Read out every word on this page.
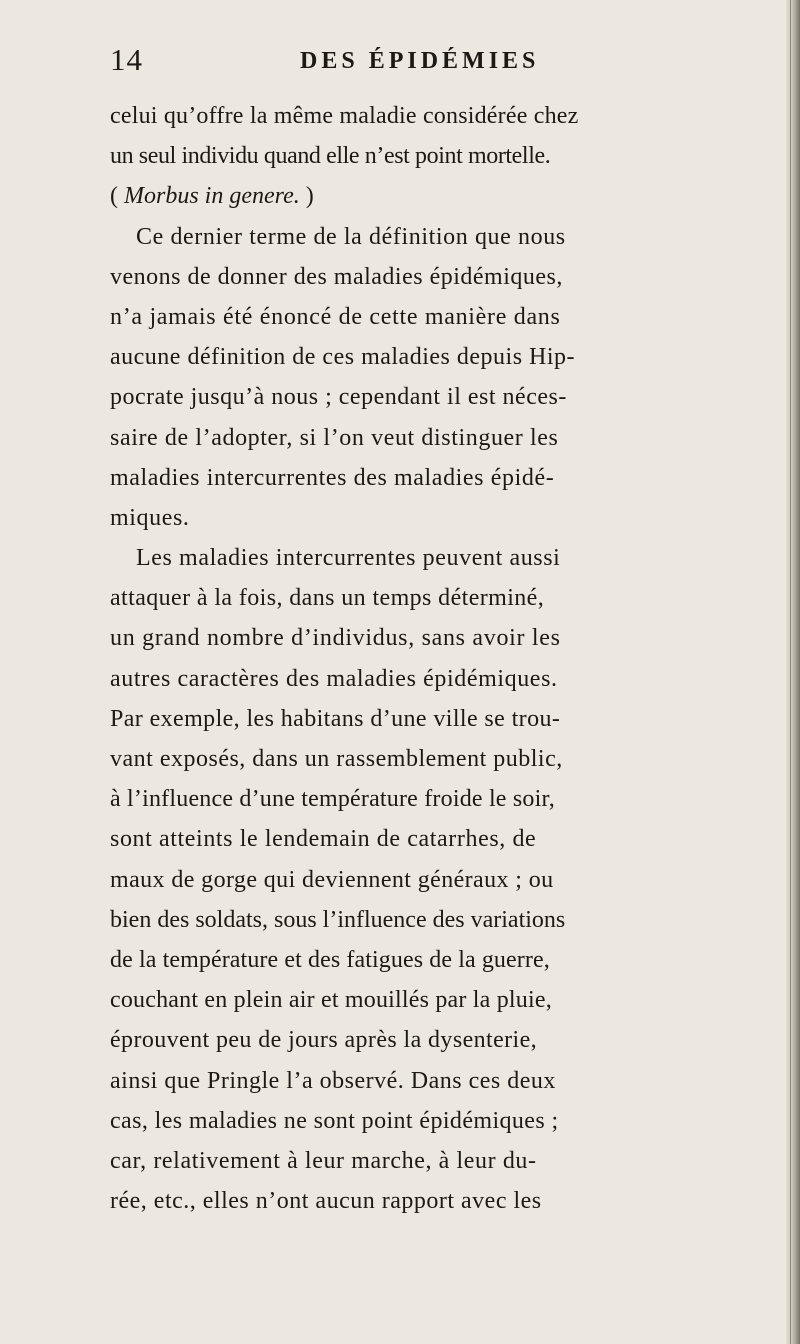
14	DES ÉPIDÉMIES
celui qu’offre la même maladie considérée chez
un seul individu quand elle n’est point mortelle.
( Morbus in genere. )
Ce dernier terme de la définition que nous
venons de donner des maladies épidémiques,
n’a jamais été énoncé de cette manière dans
aucune définition de ces maladies depuis Hip-
pocrate jusqu’à nous ; cependant il est néces-
saire de l’adopter, si l’on veut distinguer les
maladies intercurrentes des maladies épidé-
miques.
Les maladies intercurrentes peuvent aussi
attaquer à la fois, dans un temps déterminé,
un grand nombre d’individus, sans avoir les
autres caractères des maladies épidémiques.
Par exemple, les habitans d’une ville se trou-
vant exposés, dans un rassemblement public,
à l’influence d’une température froide le soir,
sont atteints le lendemain de catarrhes, de
maux de gorge qui deviennent généraux ; ou
bien des soldats, sous l’influence des variations
de la température et des fatigues de la guerre,
couchant en plein air et mouillés par la pluie,
éprouvent peu de jours après la dysenterie,
ainsi que Pringle l’a observé. Dans ces deux
cas, les maladies ne sont point épidémiques ;
car, relativement à leur marche, à leur du-
rée, etc., elles n’ont aucun rapport avec les
